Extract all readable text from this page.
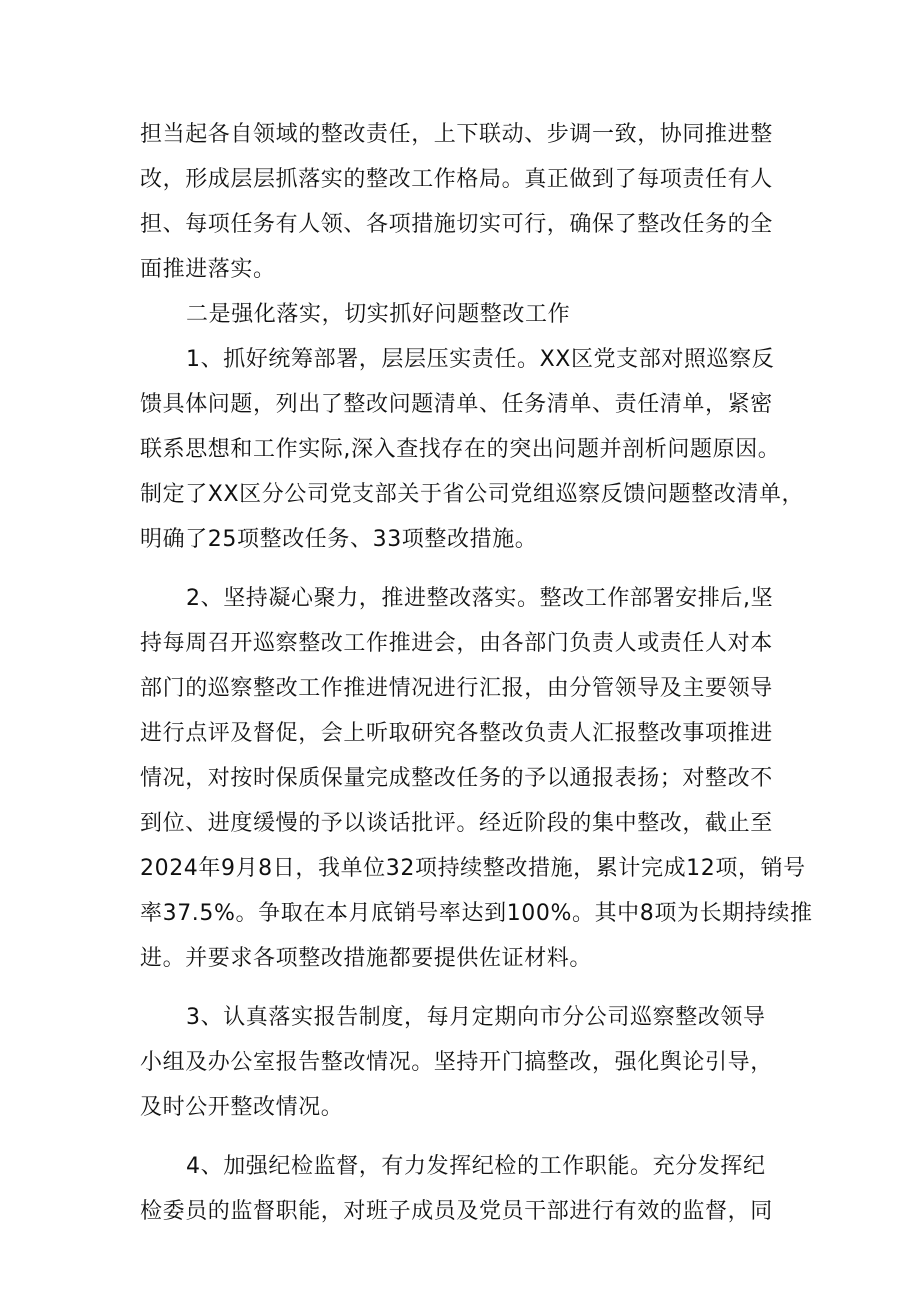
担当起各自领域的整改责任，上下联动、步调一致，协同推进整
改，形成层层抓落实的整改工作格局。真正做到了每项责任有人
担、每项任务有人领、各项措施切实可行，确保了整改任务的全
面推进落实。
二是强化落实，切实抓好问题整改工作
1、抓好统筹部署，层层压实责任。XX区党支部对照巡察反
馈具体问题，列出了整改问题清单、任务清单、责任清单，紧密
联系思想和工作实际,深入查找存在的突出问题并剖析问题原因。
制定了XX区分公司党支部关于省公司党组巡察反馈问题整改清单，
明确了25项整改任务、33项整改措施。
2、坚持凝心聚力，推进整改落实。整改工作部署安排后,坚
持每周召开巡察整改工作推进会，由各部门负责人或责任人对本
部门的巡察整改工作推进情况进行汇报，由分管领导及主要领导
进行点评及督促，会上听取研究各整改负责人汇报整改事项推进
情况，对按时保质保量完成整改任务的予以通报表扬；对整改不
到位、进度缓慢的予以谈话批评。经近阶段的集中整改，截止至
2024年9月8日，我单位32项持续整改措施，累计完成12项，销号
率37.5%。争取在本月底销号率达到100%。其中8项为长期持续推
进。并要求各项整改措施都要提供佐证材料。
3、认真落实报告制度，每月定期向市分公司巡察整改领导
小组及办公室报告整改情况。坚持开门搞整改，强化舆论引导，
及时公开整改情况。
4、加强纪检监督，有力发挥纪检的工作职能。充分发挥纪
检委员的监督职能，对班子成员及党员干部进行有效的监督，同
